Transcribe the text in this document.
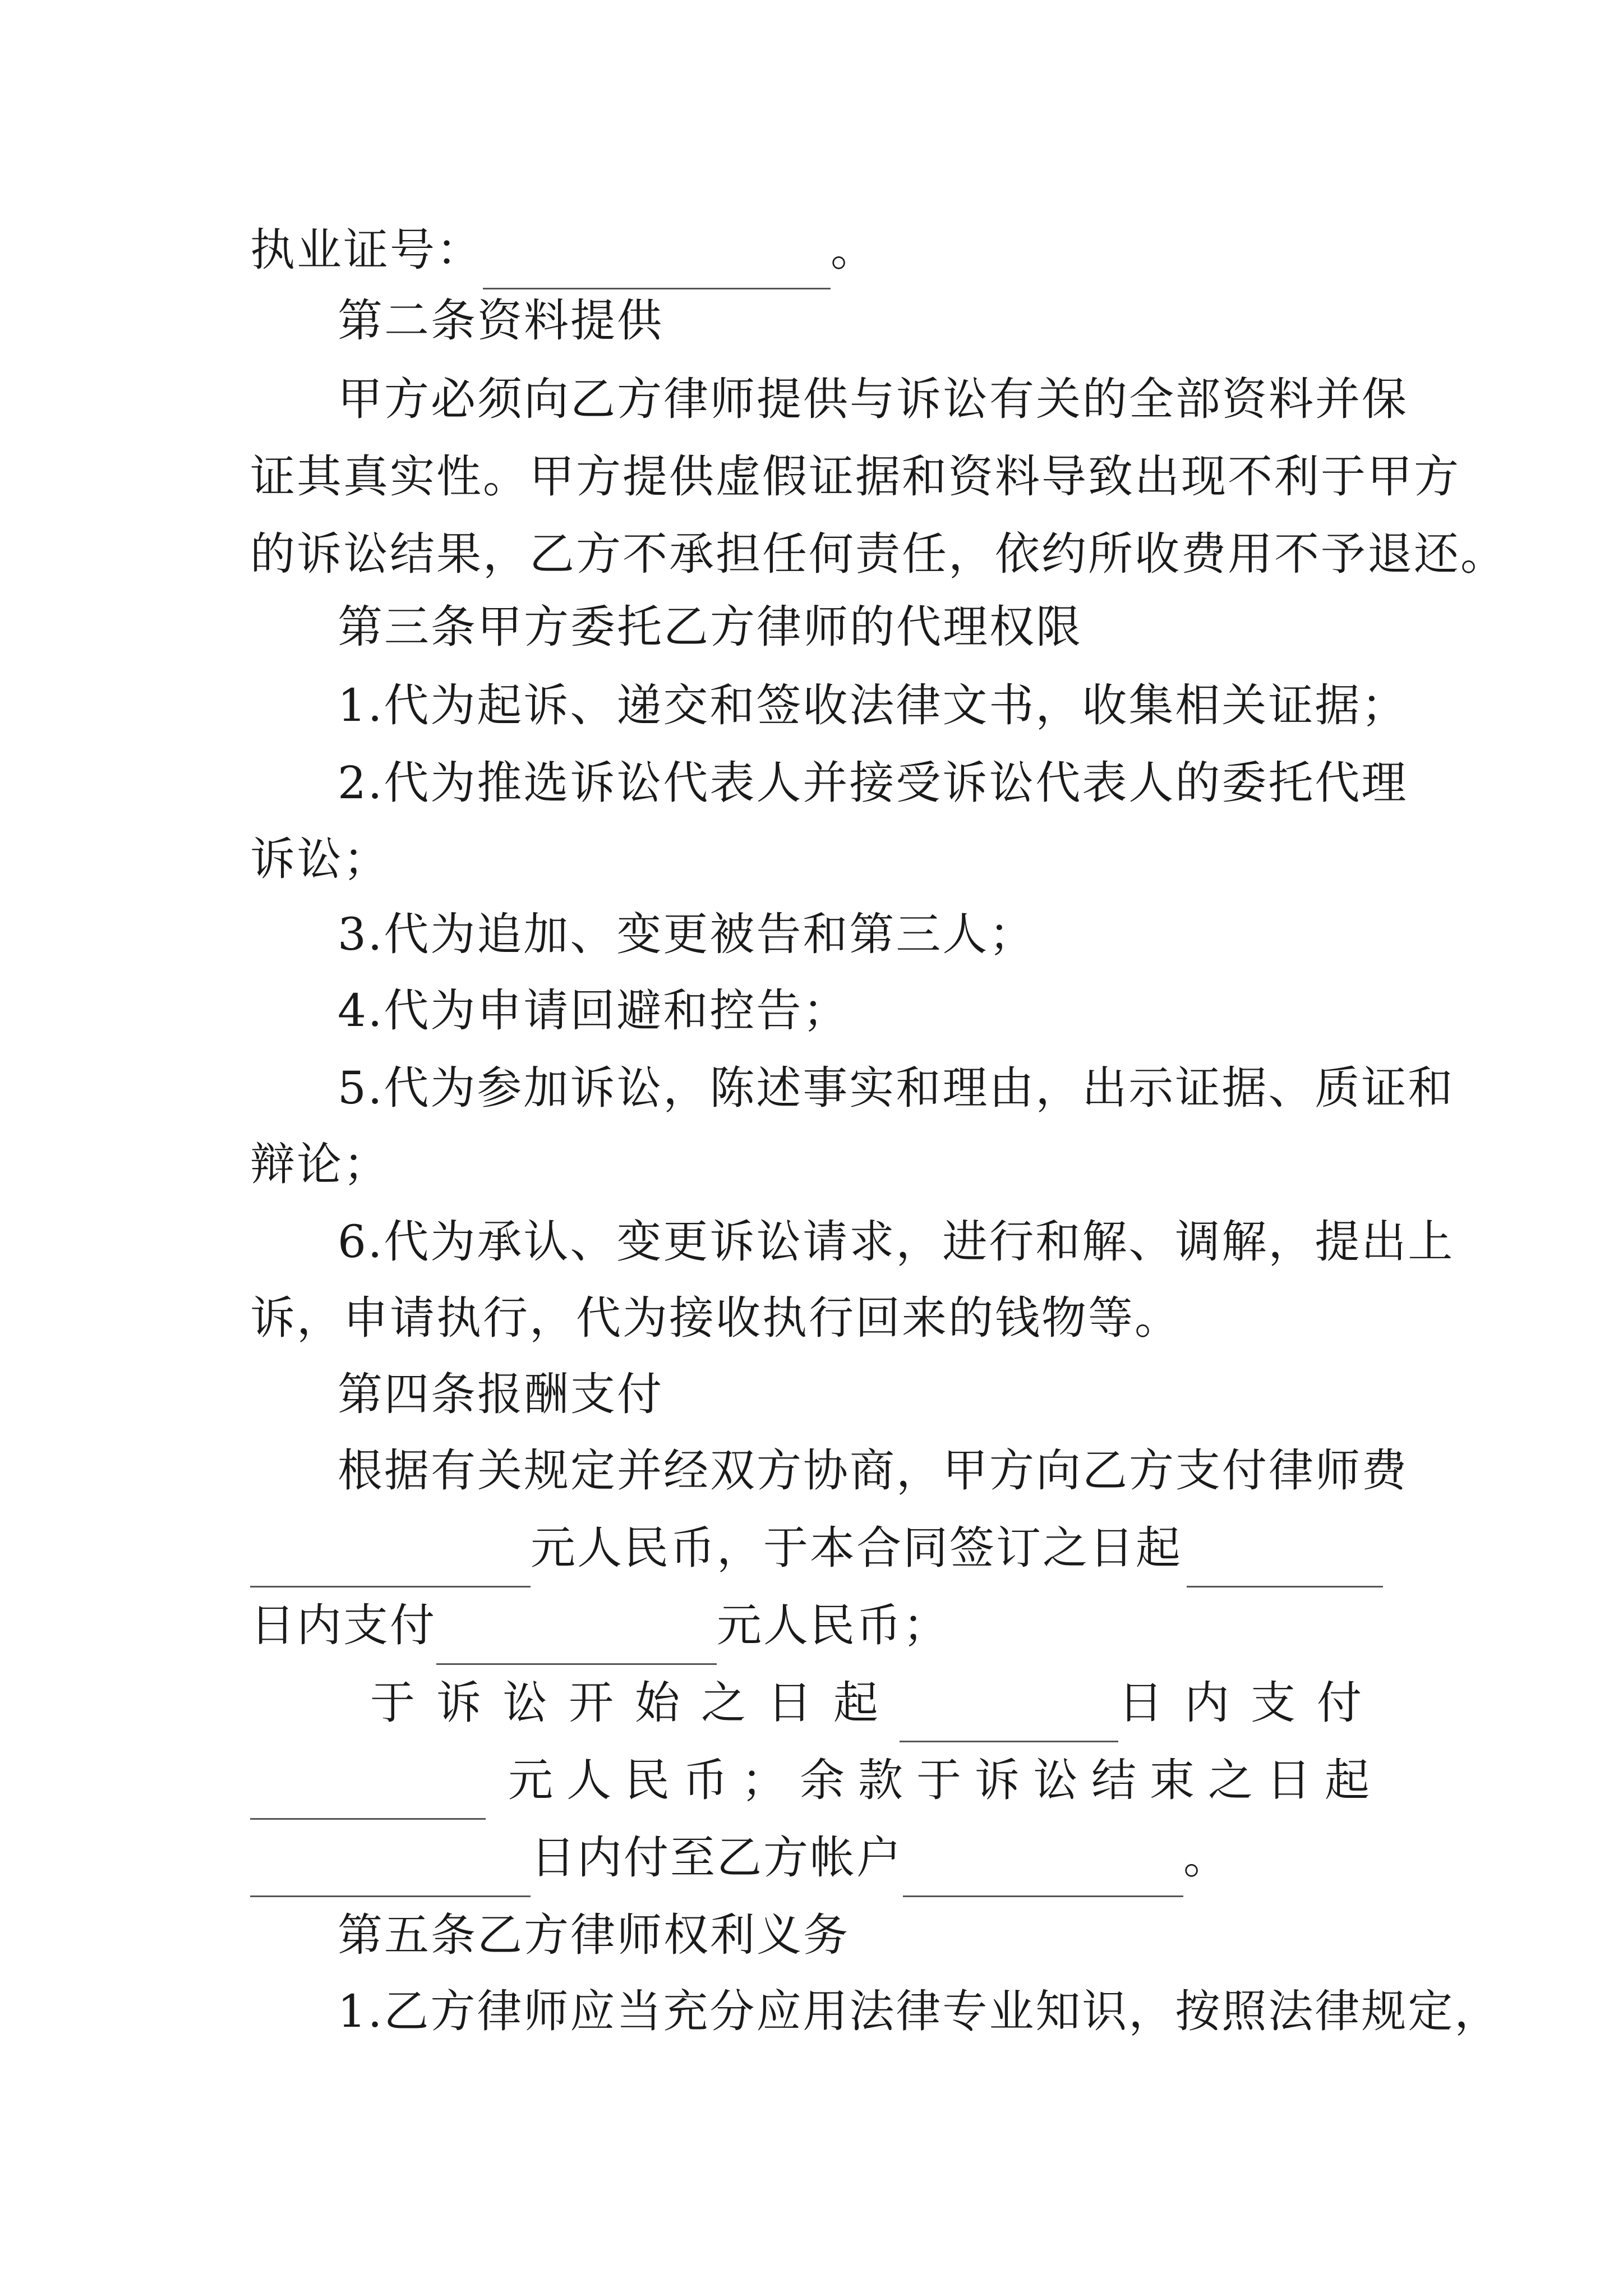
执业证号：	。
第二条资料提供
甲方必须向乙方律师提供与诉讼有关的全部资料并保
证其真实性。甲方提供虚假证据和资料导致出现不利于甲方
的诉讼结果，乙方不承担任何责任，依约所收费用不予退还。
第三条甲方委托乙方律师的代理权限
1.代为起诉、递交和签收法律文书，收集相关证据；
2.代为推选诉讼代表人并接受诉讼代表人的委托代理
诉讼；
3.代为追加、变更被告和第三人；
4.代为申请回避和控告；
5.代为参加诉讼，陈述事实和理由，出示证据、质证和
辩论；
6.代为承认、变更诉讼请求，进行和解、调解，提出上
诉，申请执行，代为接收执行回来的钱物等。
第四条报酬支付
根据有关规定并经双方协商，甲方向乙方支付律师费
元人民币，于本合同签订之日起
日内支付	元人民币；
于诉讼开始之日起	日内支付
元人民币；余款于诉讼结束之日起
日内付至乙方帐户	。
第五条乙方律师权利义务
1.乙方律师应当充分应用法律专业知识，按照法律规定，
